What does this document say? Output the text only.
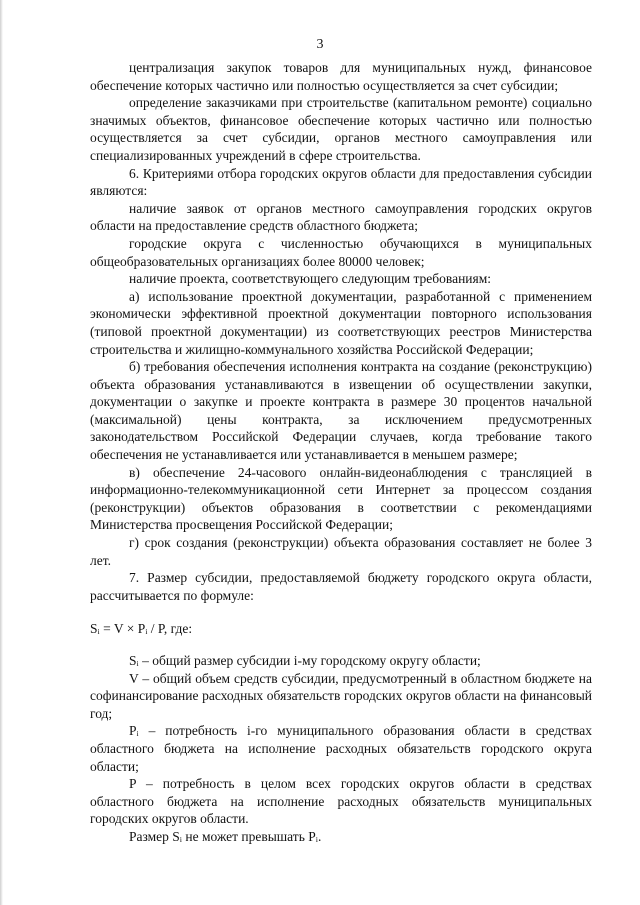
3

централизация закупок товаров для муниципальных нужд, финансовое обеспечение которых частично или полностью осуществляется за счет субсидии;

определение заказчиками при строительстве (капитальном ремонте) социально значимых объектов, финансовое обеспечение которых частично или полностью осуществляется за счет субсидии, органов местного самоуправления или специализированных учреждений в сфере строительства.

6. Критериями отбора городских округов области для предоставления субсидии являются:

наличие заявок от органов местного самоуправления городских округов области на предоставление средств областного бюджета;

городские округа с численностью обучающихся в муниципальных общеобразовательных организациях более 80000 человек;

наличие проекта, соответствующего следующим требованиям:

а) использование проектной документации, разработанной с применением экономически эффективной проектной документации повторного использования (типовой проектной документации) из соответствующих реестров Министерства строительства и жилищно-коммунального хозяйства Российской Федерации;

б) требования обеспечения исполнения контракта на создание (реконструкцию) объекта образования устанавливаются в извещении об осуществлении закупки, документации о закупке и проекте контракта в размере 30 процентов начальной (максимальной) цены контракта, за исключением предусмотренных законодательством Российской Федерации случаев, когда требование такого обеспечения не устанавливается или устанавливается в меньшем размере;

в) обеспечение 24-часового онлайн-видеонаблюдения с трансляцией в информационно-телекоммуникационной сети Интернет за процессом создания (реконструкции) объектов образования в соответствии с рекомендациями Министерства просвещения Российской Федерации;

г) срок создания (реконструкции) объекта образования составляет не более 3 лет.

7. Размер субсидии, предоставляемой бюджету городского округа области, рассчитывается по формуле:

Sᵢ = V × Pᵢ / P, где:

Sᵢ – общий размер субсидии i-му городскому округу области;

V – общий объем средств субсидии, предусмотренный в областном бюджете на софинансирование расходных обязательств городских округов области на финансовый год;

Pᵢ – потребность i-го муниципального образования области в средствах областного бюджета на исполнение расходных обязательств городского округа области;

P – потребность в целом всех городских округов области в средствах областного бюджета на исполнение расходных обязательств муниципальных городских округов области.

Размер Sᵢ не может превышать Pᵢ.
